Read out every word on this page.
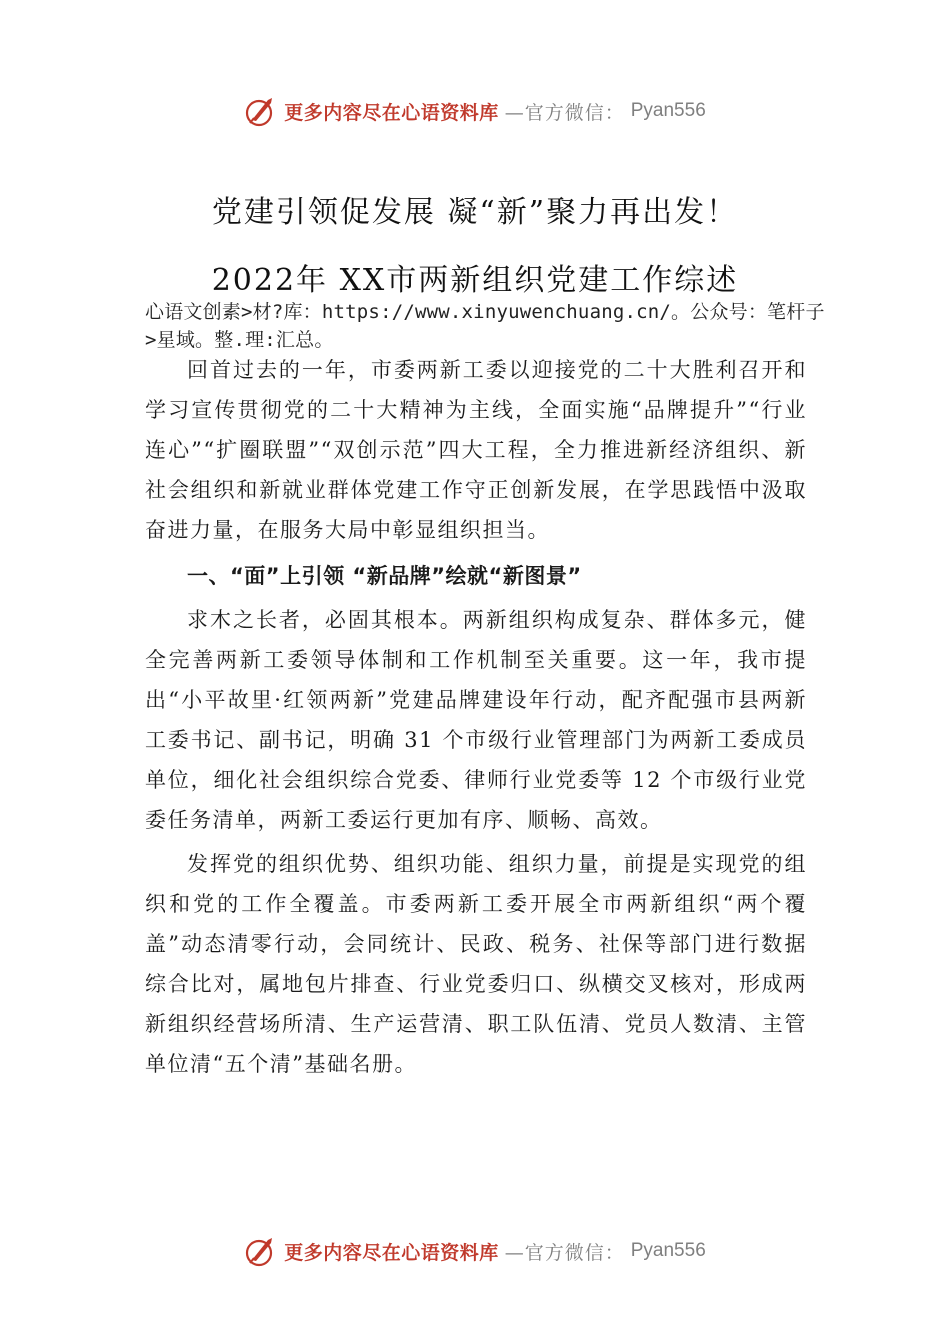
更多内容尽在心语资料库 —官方微信： Pyan556
党建引领促发展 凝“新”聚力再出发！
2022年 XX市两新组织党建工作综述
心语文创素>材?库：https://www.xinyuwenchuang.cn/。公众号：笔杆子>星域。整.理:汇总。

回首过去的一年，市委两新工委以迎接党的二十大胜利召开和学习宣传贯彻党的二十大精神为主线，全面实施“品牌提升”“行业连心”“扩圈联盟”“双创示范”四大工程，全力推进新经济组织、新社会组织和新就业群体党建工作守正创新发展，在学思践悟中汲取奋进力量，在服务大局中彰显组织担当。

一、“面”上引领 “新品牌”绘就“新图景”

求木之长者，必固其根本。两新组织构成复杂、群体多元，健全完善两新工委领导体制和工作机制至关重要。这一年，我市提出“小平故里·红领两新”党建品牌建设年行动，配齐配强市县两新工委书记、副书记，明确 31 个市级行业管理部门为两新工委成员单位，细化社会组织综合党委、律师行业党委等 12 个市级行业党委任务清单，两新工委运行更加有序、顺畅、高效。

发挥党的组织优势、组织功能、组织力量，前提是实现党的组织和党的工作全覆盖。市委两新工委开展全市两新组织“两个覆盖”动态清零行动，会同统计、民政、税务、社保等部门进行数据综合比对，属地包片排查、行业党委归口、纵横交叉核对，形成两新组织经营场所清、生产运营清、职工队伍清、党员人数清、主管单位清“五个清”基础名册。

更多内容尽在心语资料库 —官方微信： Pyan556
